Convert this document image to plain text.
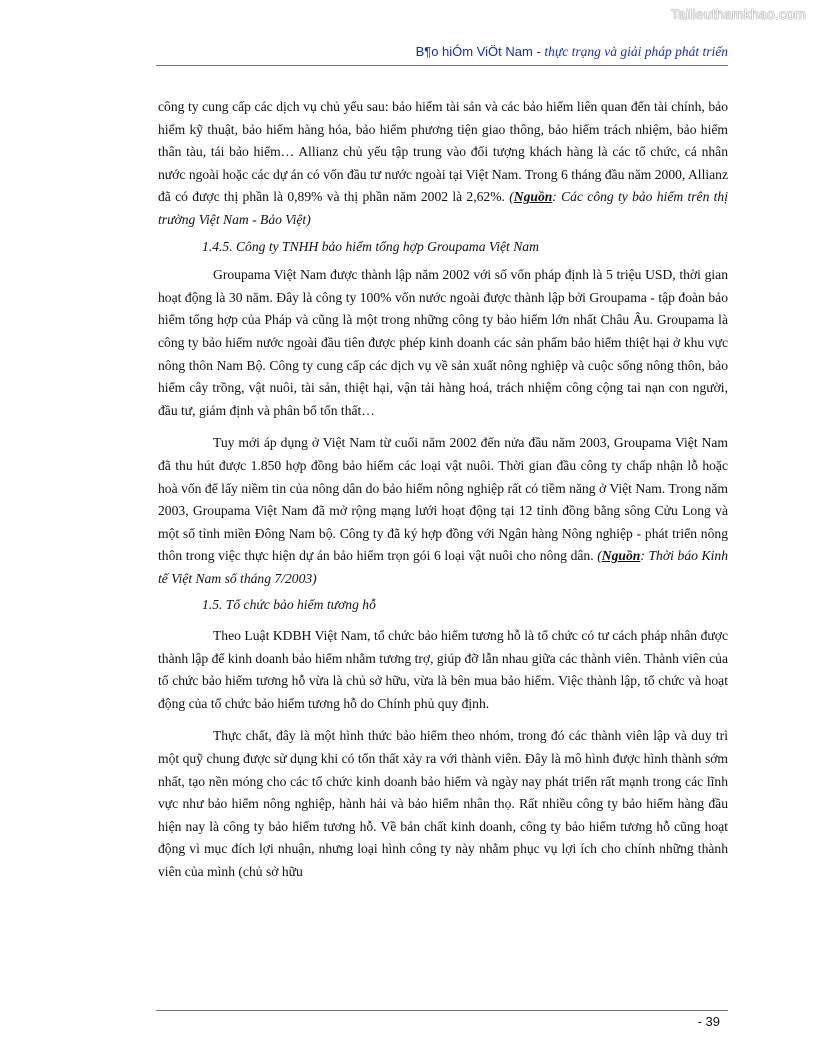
Tailieuthamkhao.com
B¶o hiÓm ViÖt Nam - thực trạng và giải pháp phát triển

công ty cung cấp các dịch vụ chủ yếu sau: bảo hiểm tài sản và các bảo hiểm liên quan đến tài chính, bảo hiểm kỹ thuật, bảo hiểm hàng hóa, bảo hiểm phương tiện giao thông, bảo hiểm trách nhiệm, bảo hiểm thân tàu, tái bảo hiểm… Allianz chủ yếu tập trung vào đối tượng khách hàng là các tổ chức, cá nhân nước ngoài hoặc các dự án có vốn đầu tư nước ngoài tại Việt Nam. Trong 6 tháng đầu năm 2000, Allianz đã có được thị phần là 0,89% và thị phần năm 2002 là 2,62%. (Nguồn: Các công ty bảo hiểm trên thị trường Việt Nam - Bảo Việt)

1.4.5. Công ty TNHH bảo hiểm tổng hợp Groupama Việt Nam

Groupama Việt Nam được thành lập năm 2002 với số vốn pháp định là 5 triệu USD, thời gian hoạt động là 30 năm. Đây là công ty 100% vốn nước ngoài được thành lập bởi Groupama - tập đoàn bảo hiểm tổng hợp của Pháp và cũng là một trong những công ty bảo hiểm lớn nhất Châu Âu. Groupama là công ty bảo hiểm nước ngoài đầu tiên được phép kinh doanh các sản phẩm bảo hiểm thiệt hại ở khu vực nông thôn Nam Bộ. Công ty cung cấp các dịch vụ về sản xuất nông nghiệp và cuộc sống nông thôn, bảo hiểm cây trồng, vật nuôi, tài sản, thiệt hại, vận tải hàng hoá, trách nhiệm công cộng tai nạn con người, đầu tư, giám định và phân bổ tổn thất…

Tuy mới áp dụng ở Việt Nam từ cuối năm 2002 đến nửa đầu năm 2003, Groupama Việt Nam đã thu hút được 1.850 hợp đồng bảo hiểm các loại vật nuôi. Thời gian đầu công ty chấp nhận lỗ hoặc hoà vốn để lấy niềm tin của nông dân do bảo hiểm nông nghiệp rất có tiềm năng ở Việt Nam. Trong năm 2003, Groupama Việt Nam đã mở rộng mạng lưới hoạt động tại 12 tỉnh đồng bằng sông Cửu Long và một số tỉnh miền Đông Nam bộ. Công ty đã ký hợp đồng với Ngân hàng Nông nghiệp - phát triển nông thôn trong việc thực hiện dự án bảo hiểm trọn gói 6 loại vật nuôi cho nông dân. (Nguồn: Thời báo Kinh tế Việt Nam số tháng 7/2003)

1.5. Tổ chức bảo hiểm tương hỗ

Theo Luật KDBH Việt Nam, tổ chức bảo hiểm tương hỗ là tổ chức có tư cách pháp nhân được thành lập để kinh doanh bảo hiểm nhằm tương trợ, giúp đỡ lẫn nhau giữa các thành viên. Thành viên của tổ chức bảo hiểm tương hỗ vừa là chủ sở hữu, vừa là bên mua bảo hiểm. Việc thành lập, tổ chức và hoạt động của tổ chức bảo hiểm tương hỗ do Chính phủ quy định.

Thực chất, đây là một hình thức bảo hiểm theo nhóm, trong đó các thành viên lập và duy trì một quỹ chung được sử dụng khi có tổn thất xảy ra với thành viên. Đây là mô hình được hình thành sớm nhất, tạo nền móng cho các tổ chức kinh doanh bảo hiểm và ngày nay phát triển rất mạnh trong các lĩnh vực như bảo hiểm nông nghiệp, hành hải và bảo hiểm nhân thọ. Rất nhiều công ty bảo hiểm hàng đầu hiện nay là công ty bảo hiểm tương hỗ. Về bản chất kinh doanh, công ty bảo hiểm tương hỗ cũng hoạt động vì mục đích lợi nhuận, nhưng loại hình công ty này nhằm phục vụ lợi ích cho chính những thành viên của mình (chủ sở hữu

- 39
